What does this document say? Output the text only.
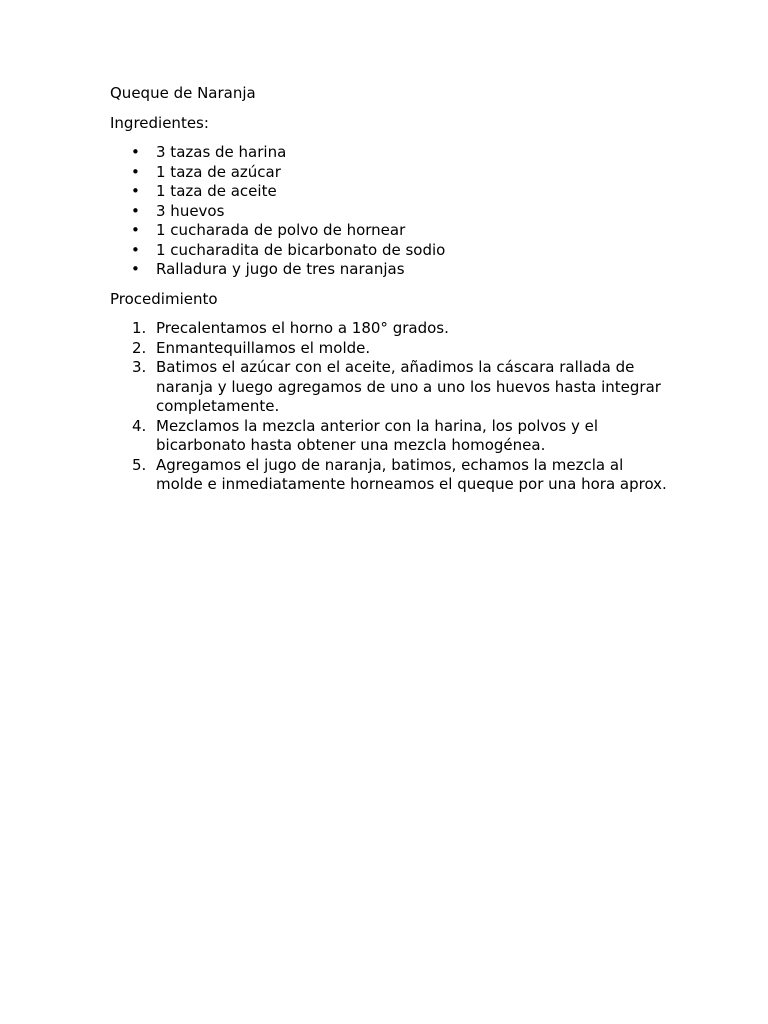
Queque de Naranja

Ingredientes:

• 3 tazas de harina
• 1 taza de azúcar
• 1 taza de aceite
• 3 huevos
• 1 cucharada de polvo de hornear
• 1 cucharadita de bicarbonato de sodio
• Ralladura y jugo de tres naranjas

Procedimiento

1. Precalentamos el horno a 180° grados.
2. Enmantequillamos el molde.
3. Batimos el azúcar con el aceite, añadimos la cáscara rallada de naranja y luego agregamos de uno a uno los huevos hasta integrar completamente.
4. Mezclamos la mezcla anterior con la harina, los polvos y el bicarbonato hasta obtener una mezcla homogénea.
5. Agregamos el jugo de naranja, batimos, echamos la mezcla al molde e inmediatamente horneamos el queque por una hora aprox.
